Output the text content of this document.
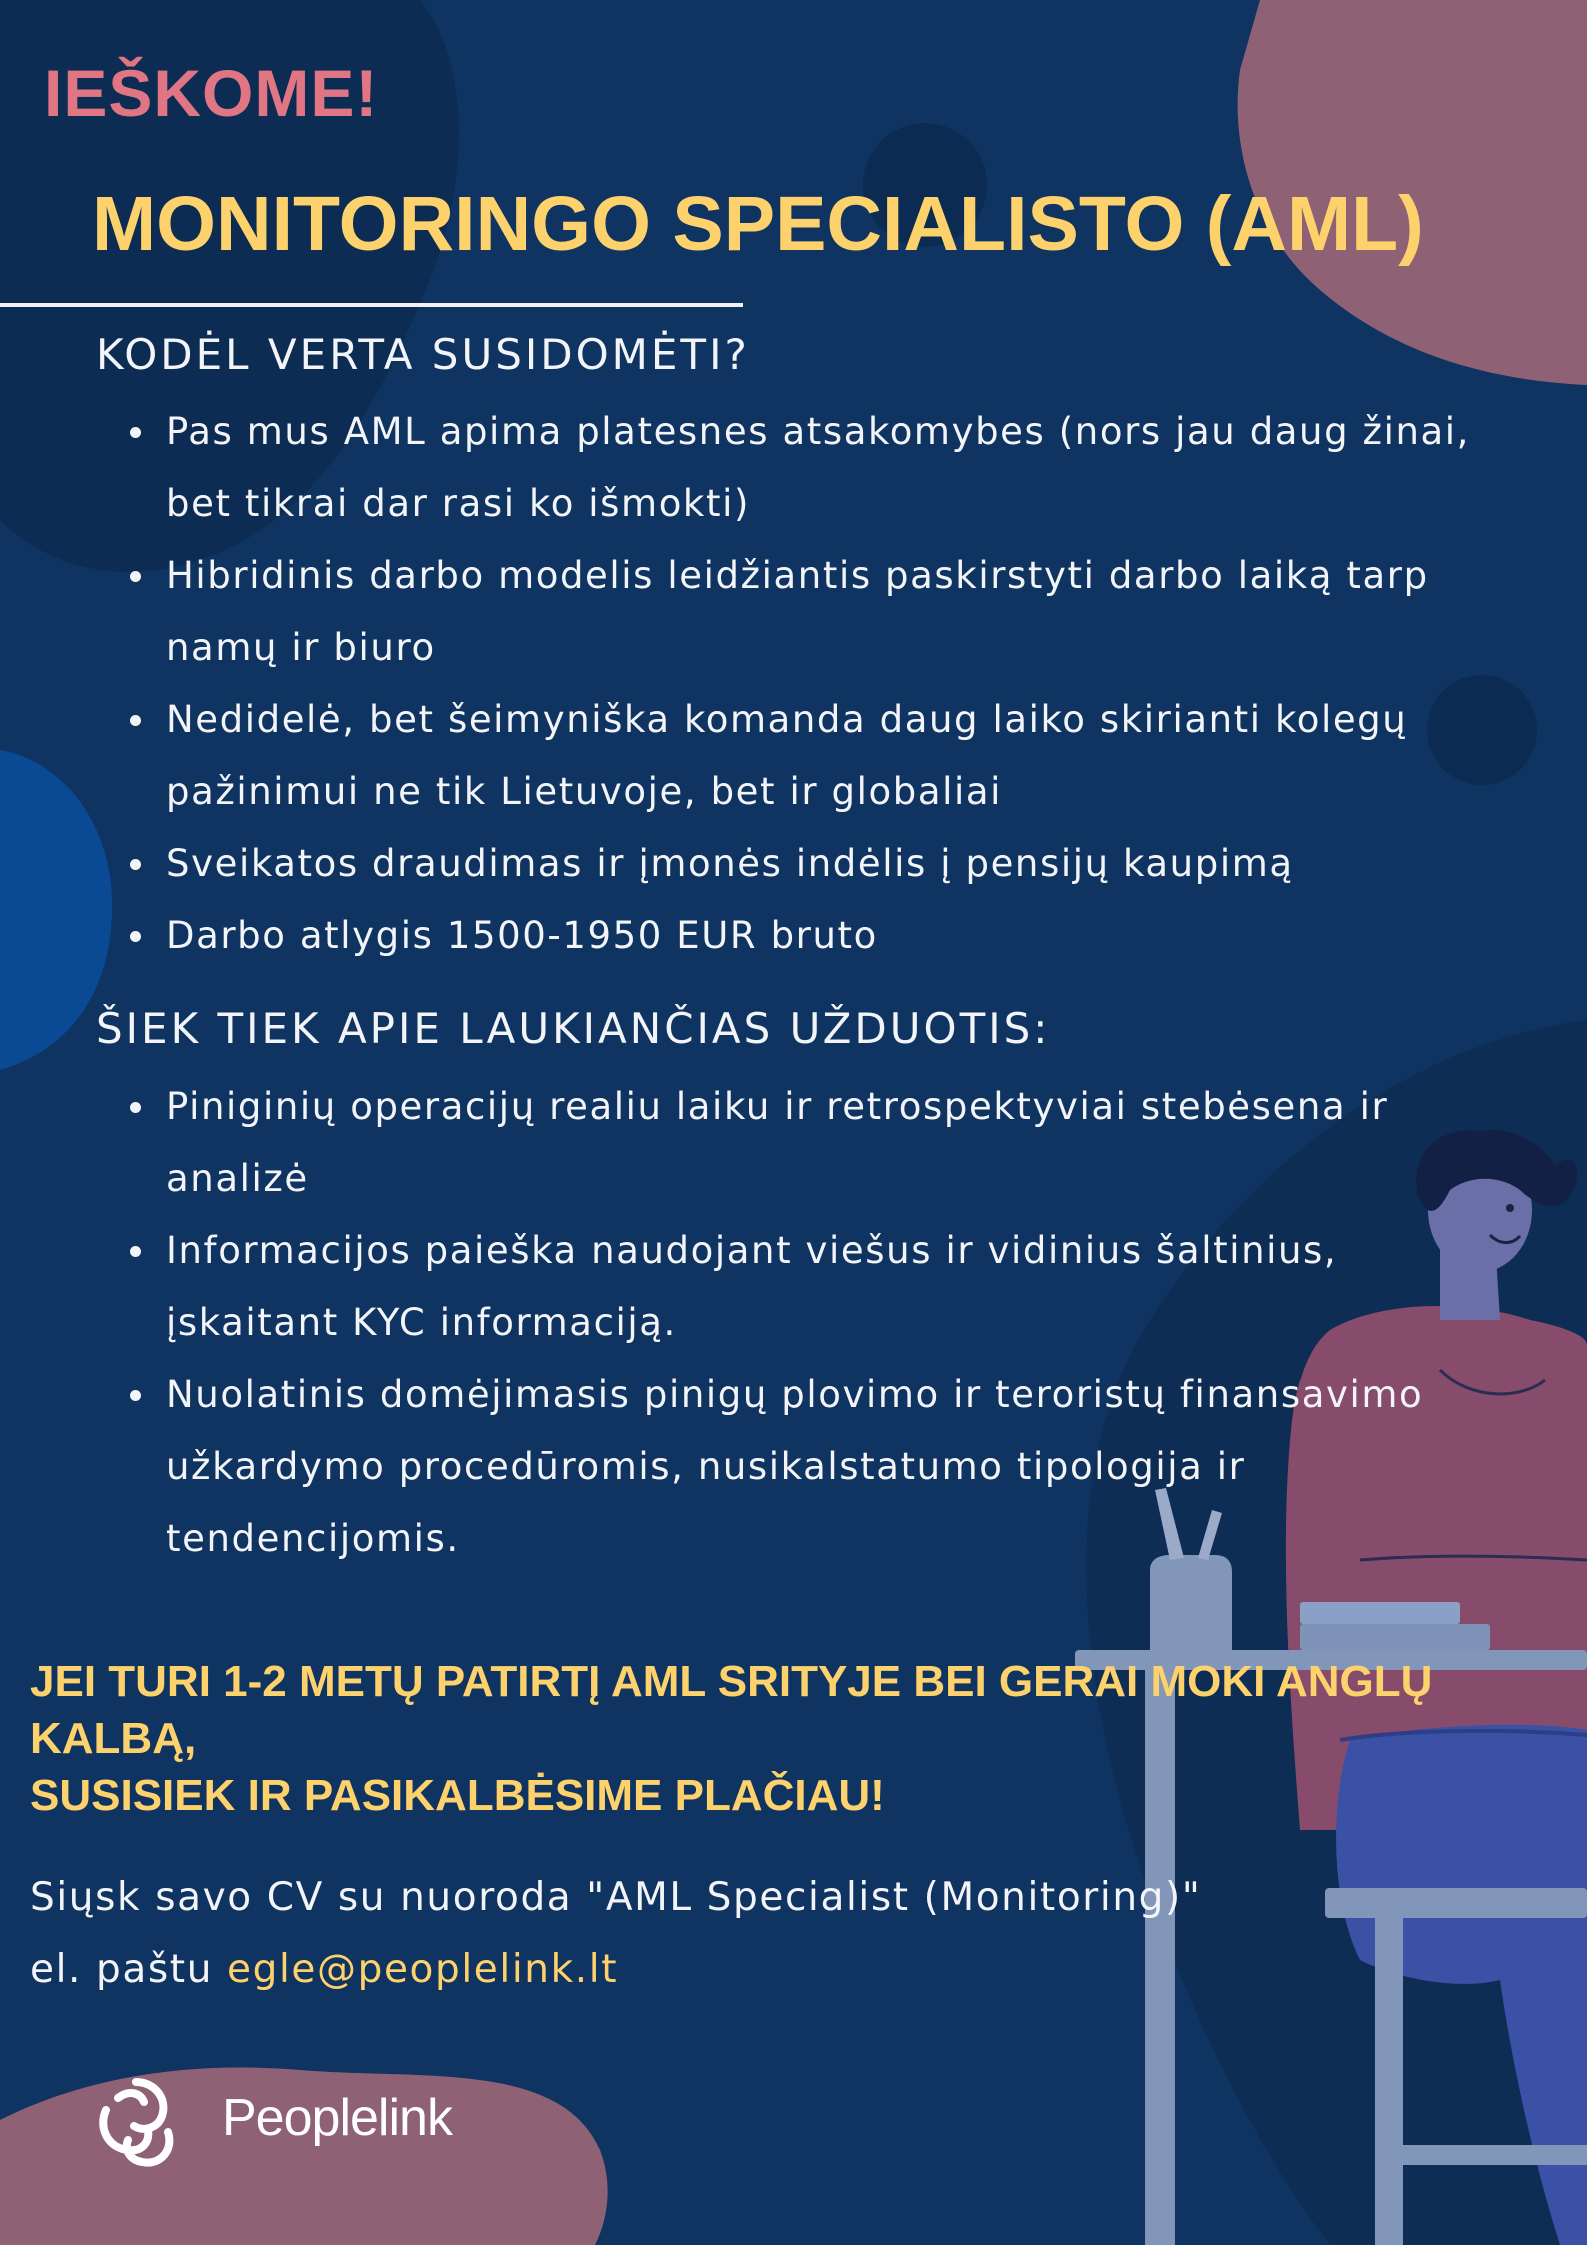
IEŠKOME!
MONITORINGO SPECIALISTO (AML)
KODĖL VERTA SUSIDOMĖTI?
Pas mus AML apima platesnes atsakomybes (nors jau daug žinai, bet tikrai dar rasi ko išmokti)
Hibridinis darbo modelis leidžiantis paskirstyti darbo laiką tarp namų ir biuro
Nedidelė, bet šeimyniška komanda daug laiko skirianti kolegų pažinimui ne tik Lietuvoje, bet ir globaliai
Sveikatos draudimas ir įmonės indėlis į pensijų kaupimą
Darbo atlygis 1500-1950 EUR bruto
ŠIEK TIEK APIE LAUKIANČIAS UŽDUOTIS:
Piniginių operacijų realiu laiku ir retrospektyviai stebėsena ir analizė
Informacijos paieška naudojant viešus ir vidinius šaltinius, įskaitant KYC informaciją.
Nuolatinis domėjimasis pinigų plovimo ir teroristų finansavimo užkardymo procedūromis, nusikalstatumo tipologija ir tendencijomis.

JEI TURI 1-2 METŲ PATIRTĮ AML SRITYJE BEI GERAI MOKI ANGLŲ KALBĄ,
SUSISIEK IR PASIKALBĖSIME PLAČIAU!

Siųsk savo CV su nuoroda "AML Specialist (Monitoring)"
el. paštu egle@peoplelink.lt
Peoplelink
